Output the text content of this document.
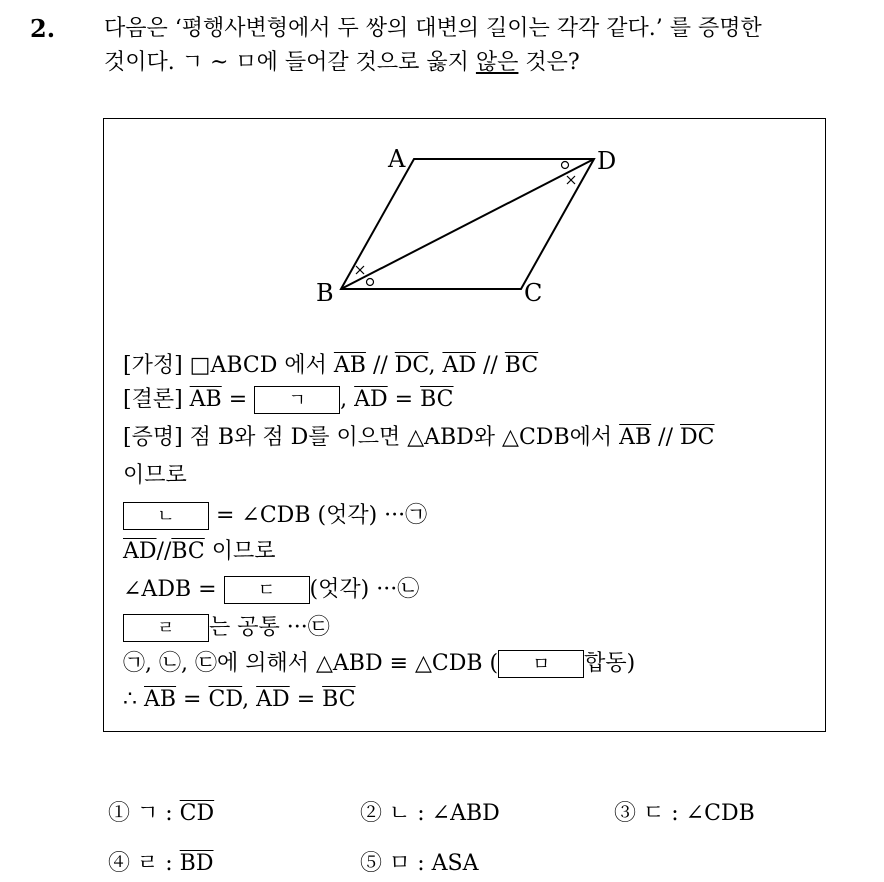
2. 다음은 ‘평행사변형에서 두 쌍의 대변의 길이는 각각 같다.’ 를 증명한
것이다. ㄱ ~ ㅁ에 들어갈 것으로 옳지 않은 것은?
A	D
B	C
[가정] □ABCD 에서 $\overline{AB} // \overline{DC}$, $\overline{AD} // \overline{BC}$
[결론] $\overline{AB}$ = ㄱ , $\overline{AD} = \overline{BC}$
[증명] 점 B와 점 D를 이으면 △ABD와 △CDB에서 $\overline{AB} // \overline{DC}$
이므로
ㄴ = ∠CDB (엇각) ···㉠
$\overline{AD}//\overline{BC}$ 이므로
∠ADB = ㄷ (엇각) ···㉡
ㄹ 는 공통 ···㉢
㉠, ㉡, ㉢에 의해서 △ABD ≡ △CDB ( ㅁ 합동)
∴ $\overline{AB} = \overline{CD}$, $\overline{AD} = \overline{BC}$
① ㄱ : $\overline{CD}$	② ㄴ : ∠ABD	③ ㄷ : ∠CDB
④ ㄹ : $\overline{BD}$	⑤ ㅁ : ASA
